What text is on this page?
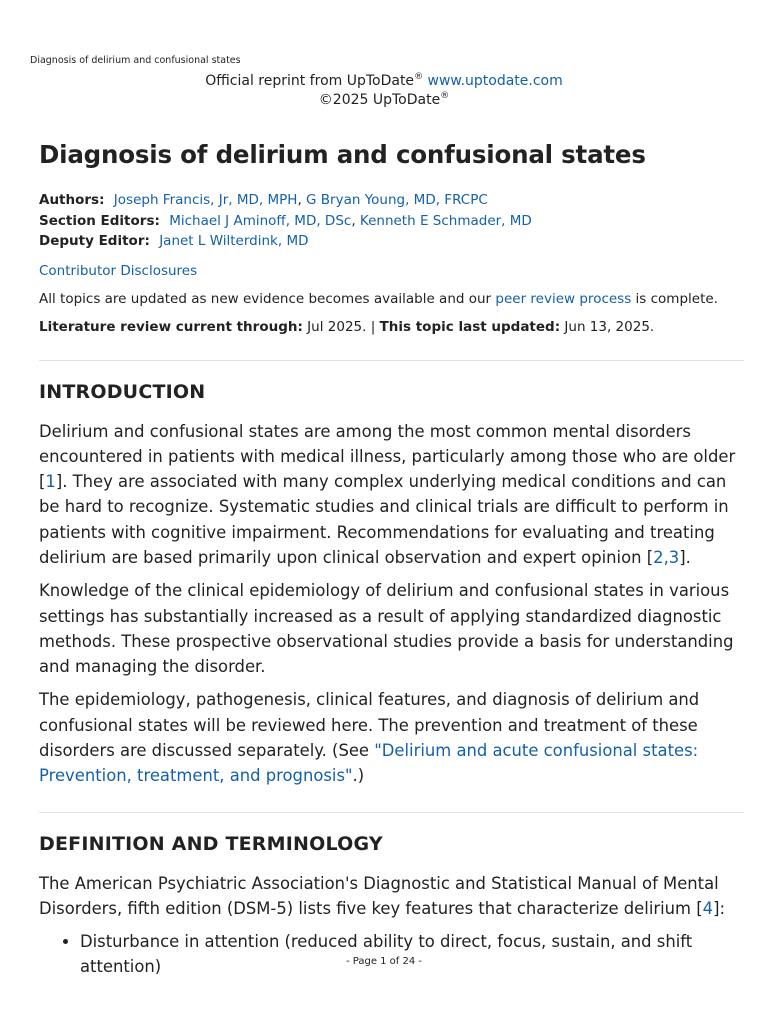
Diagnosis of delirium and confusional states
Official reprint from UpToDate® www.uptodate.com
©2025 UpToDate®
Diagnosis of delirium and confusional states
Authors: Joseph Francis, Jr, MD, MPH, G Bryan Young, MD, FRCPC
Section Editors: Michael J Aminoff, MD, DSc, Kenneth E Schmader, MD
Deputy Editor: Janet L Wilterdink, MD
Contributor Disclosures
All topics are updated as new evidence becomes available and our peer review process is complete.
Literature review current through: Jul 2025. | This topic last updated: Jun 13, 2025.
INTRODUCTION

Delirium and confusional states are among the most common mental disorders encountered in patients with medical illness, particularly among those who are older [1]. They are associated with many complex underlying medical conditions and can be hard to recognize. Systematic studies and clinical trials are difficult to perform in patients with cognitive impairment. Recommendations for evaluating and treating delirium are based primarily upon clinical observation and expert opinion [2,3].

Knowledge of the clinical epidemiology of delirium and confusional states in various settings has substantially increased as a result of applying standardized diagnostic methods. These prospective observational studies provide a basis for understanding and managing the disorder.

The epidemiology, pathogenesis, clinical features, and diagnosis of delirium and confusional states will be reviewed here. The prevention and treatment of these disorders are discussed separately. (See "Delirium and acute confusional states: Prevention, treatment, and prognosis".)

DEFINITION AND TERMINOLOGY

The American Psychiatric Association's Diagnostic and Statistical Manual of Mental Disorders, fifth edition (DSM-5) lists five key features that characterize delirium [4]:

• Disturbance in attention (reduced ability to direct, focus, sustain, and shift attention)	- Page 1 of 24 -
